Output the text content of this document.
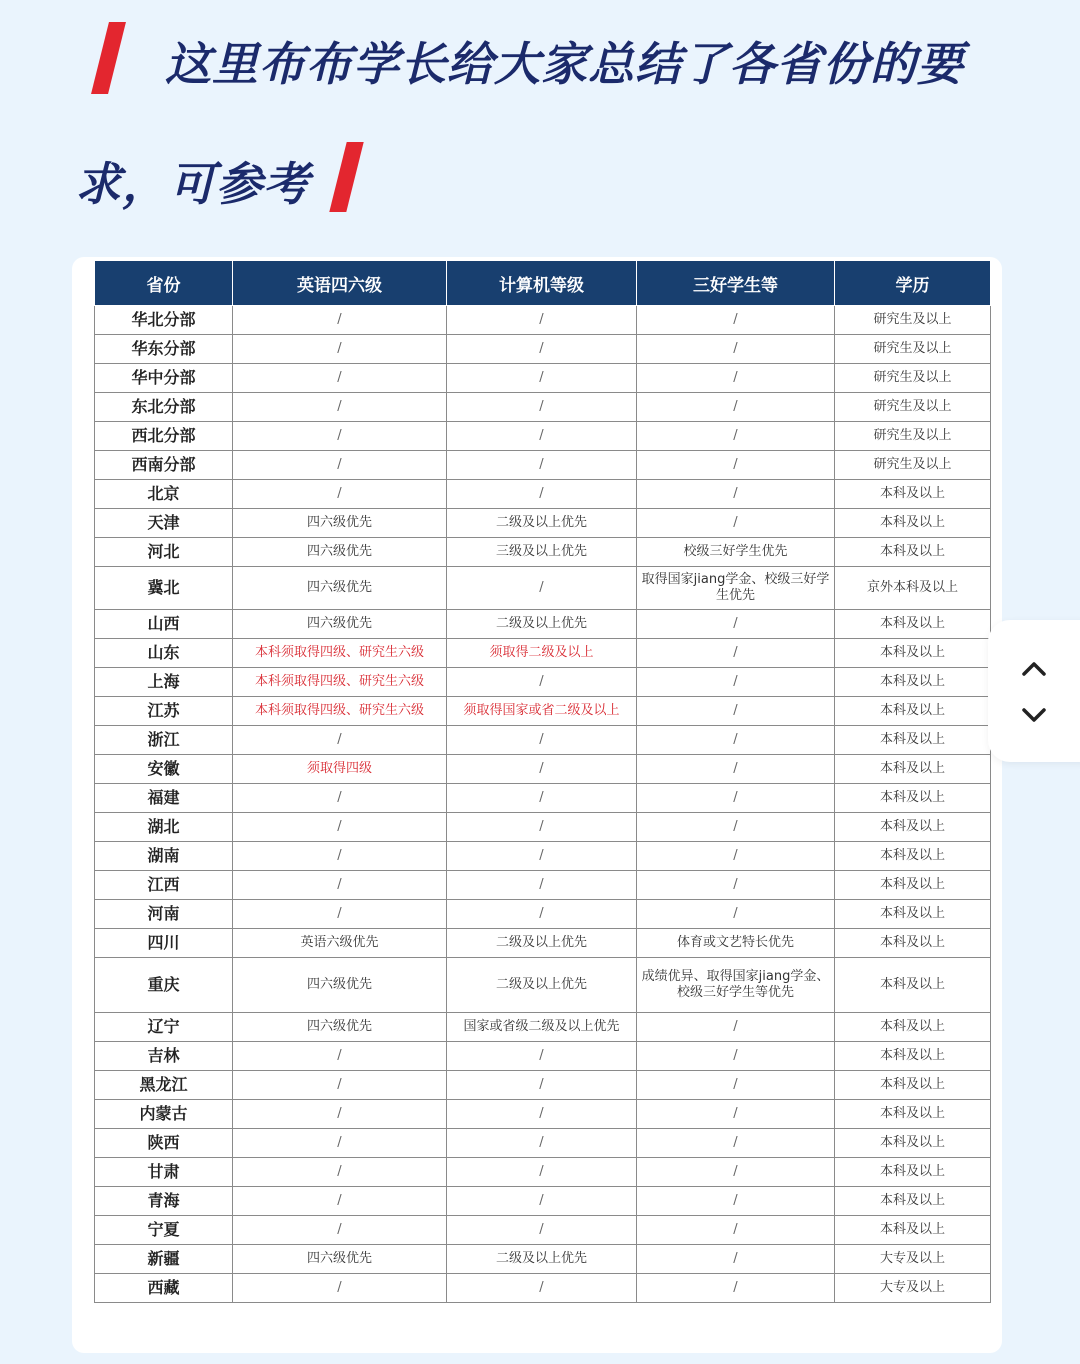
这里布布学长给大家总结了各省份的要
求，可参考
省份	英语四六级	计算机等级	三好学生等	学历
华北分部	/	/	/	研究生及以上
华东分部	/	/	/	研究生及以上
华中分部	/	/	/	研究生及以上
东北分部	/	/	/	研究生及以上
西北分部	/	/	/	研究生及以上
西南分部	/	/	/	研究生及以上
北京	/	/	/	本科及以上
天津	四六级优先	二级及以上优先	/	本科及以上
河北	四六级优先	三级及以上优先	校级三好学生优先	本科及以上
冀北	四六级优先	/	取得国家jiang学金、校级三好学生优先	京外本科及以上
山西	四六级优先	二级及以上优先	/	本科及以上
山东	本科须取得四级、研究生六级	须取得二级及以上	/	本科及以上
上海	本科须取得四级、研究生六级	/	/	本科及以上
江苏	本科须取得四级、研究生六级	须取得国家或省二级及以上	/	本科及以上
浙江	/	/	/	本科及以上
安徽	须取得四级	/	/	本科及以上
福建	/	/	/	本科及以上
湖北	/	/	/	本科及以上
湖南	/	/	/	本科及以上
江西	/	/	/	本科及以上
河南	/	/	/	本科及以上
四川	英语六级优先	二级及以上优先	体育或文艺特长优先	本科及以上
重庆	四六级优先	二级及以上优先	成绩优异、取得国家jiang学金、校级三好学生等优先	本科及以上
辽宁	四六级优先	国家或省级二级及以上优先	/	本科及以上
吉林	/	/	/	本科及以上
黑龙江	/	/	/	本科及以上
内蒙古	/	/	/	本科及以上
陕西	/	/	/	本科及以上
甘肃	/	/	/	本科及以上
青海	/	/	/	本科及以上
宁夏	/	/	/	本科及以上
新疆	四六级优先	二级及以上优先	/	大专及以上
西藏	/	/	/	大专及以上
